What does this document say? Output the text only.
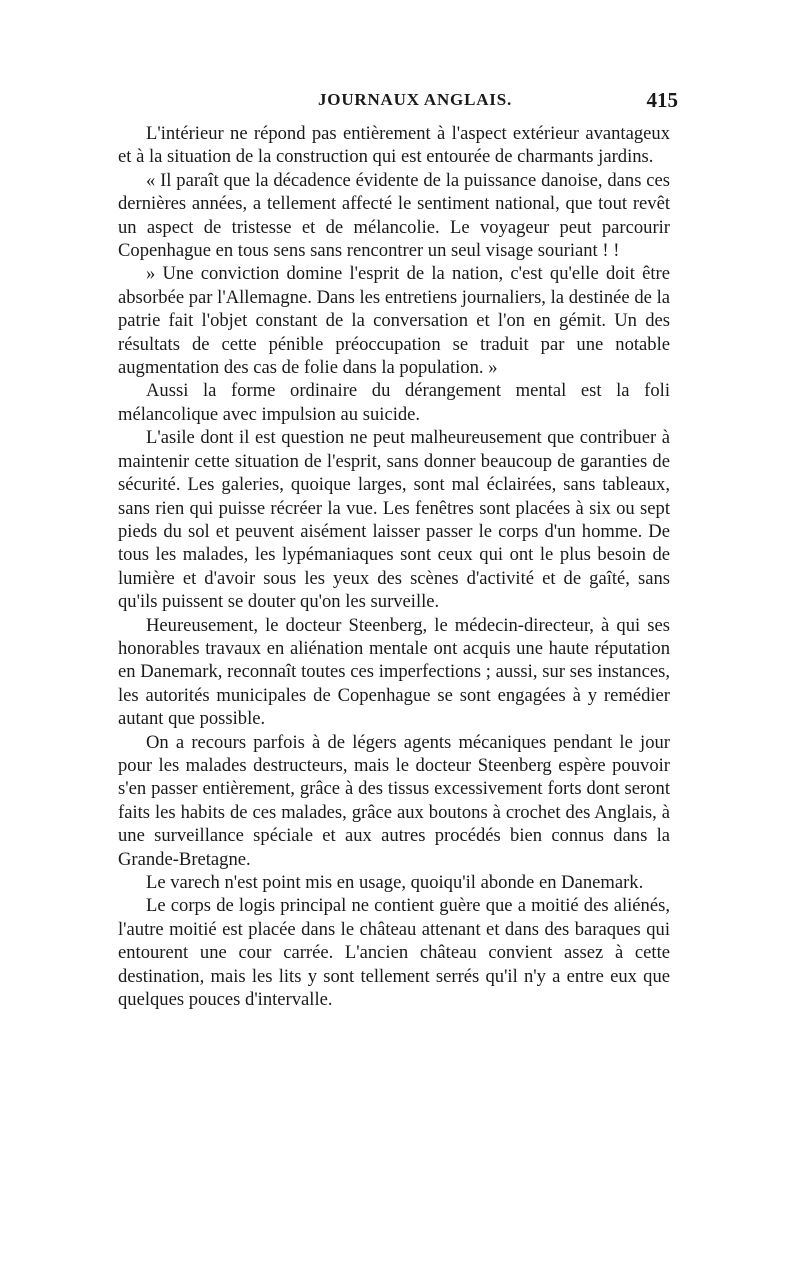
JOURNAUX ANGLAIS.	415

L'intérieur ne répond pas entièrement à l'aspect extérieur avantageux et à la situation de la construction qui est entourée de charmants jardins.

« Il paraît que la décadence évidente de la puissance danoise, dans ces dernières années, a tellement affecté le sentiment national, que tout revêt un aspect de tristesse et de mélancolie. Le voyageur peut parcourir Copenhague en tous sens sans rencontrer un seul visage souriant ! !

» Une conviction domine l'esprit de la nation, c'est qu'elle doit être absorbée par l'Allemagne. Dans les entretiens journaliers, la destinée de la patrie fait l'objet constant de la conversation et l'on en gémit. Un des résultats de cette pénible préoccupation se traduit par une notable augmentation des cas de folie dans la population. »

Aussi la forme ordinaire du dérangement mental est la foli mélancolique avec impulsion au suicide.

L'asile dont il est question ne peut malheureusement que contribuer à maintenir cette situation de l'esprit, sans donner beaucoup de garanties de sécurité. Les galeries, quoique larges, sont mal éclairées, sans tableaux, sans rien qui puisse récréer la vue. Les fenêtres sont placées à six ou sept pieds du sol et peuvent aisément laisser passer le corps d'un homme. De tous les malades, les lypémaniaques sont ceux qui ont le plus besoin de lumière et d'avoir sous les yeux des scènes d'activité et de gaîté, sans qu'ils puissent se douter qu'on les surveille.

Heureusement, le docteur Steenberg, le médecin-directeur, à qui ses honorables travaux en aliénation mentale ont acquis une haute réputation en Danemark, reconnaît toutes ces imperfections ; aussi, sur ses instances, les autorités municipales de Copenhague se sont engagées à y remédier autant que possible.

On a recours parfois à de légers agents mécaniques pendant le jour pour les malades destructeurs, mais le docteur Steenberg espère pouvoir s'en passer entièrement, grâce à des tissus excessivement forts dont seront faits les habits de ces malades, grâce aux boutons à crochet des Anglais, à une surveillance spéciale et aux autres procédés bien connus dans la Grande-Bretagne.

Le varech n'est point mis en usage, quoiqu'il abonde en Danemark.

Le corps de logis principal ne contient guère que a moitié des aliénés, l'autre moitié est placée dans le château attenant et dans des baraques qui entourent une cour carrée. L'ancien château convient assez à cette destination, mais les lits y sont tellement serrés qu'il n'y a entre eux que quelques pouces d'intervalle.
